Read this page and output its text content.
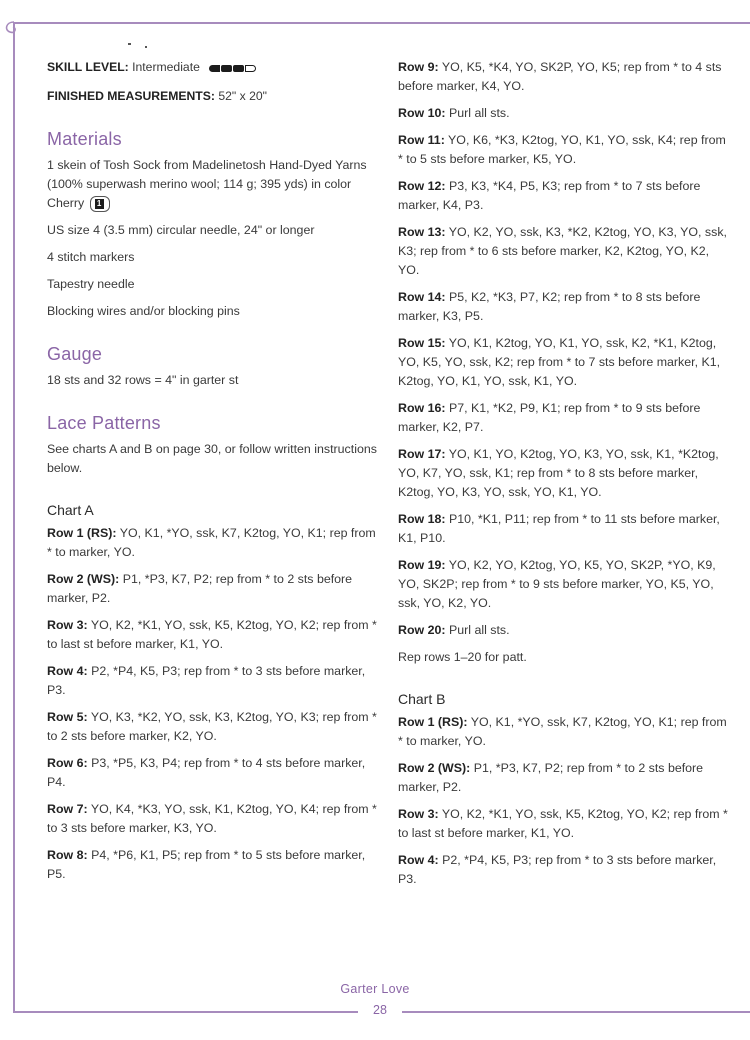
SKILL LEVEL: Intermediate
FINISHED MEASUREMENTS: 52" x 20"
Materials

1 skein of Tosh Sock from Madelinetosh Hand-Dyed Yarns (100% superwash merino wool; 114 g; 395 yds) in color Cherry 1

US size 4 (3.5 mm) circular needle, 24" or longer

4 stitch markers

Tapestry needle

Blocking wires and/or blocking pins

Gauge

18 sts and 32 rows = 4" in garter st

Lace Patterns

See charts A and B on page 30, or follow written instructions below.

Chart A

Row 1 (RS): YO, K1, *YO, ssk, K7, K2tog, YO, K1; rep from * to marker, YO.

Row 2 (WS): P1, *P3, K7, P2; rep from * to 2 sts before marker, P2.

Row 3: YO, K2, *K1, YO, ssk, K5, K2tog, YO, K2; rep from * to last st before marker, K1, YO.

Row 4: P2, *P4, K5, P3; rep from * to 3 sts before marker, P3.

Row 5: YO, K3, *K2, YO, ssk, K3, K2tog, YO, K3; rep from * to 2 sts before marker, K2, YO.

Row 6: P3, *P5, K3, P4; rep from * to 4 sts before marker, P4.

Row 7: YO, K4, *K3, YO, ssk, K1, K2tog, YO, K4; rep from * to 3 sts before marker, K3, YO.

Row 8: P4, *P6, K1, P5; rep from * to 5 sts before marker, P5.

Row 9: YO, K5, *K4, YO, SK2P, YO, K5; rep from * to 4 sts before marker, K4, YO.

Row 10: Purl all sts.

Row 11: YO, K6, *K3, K2tog, YO, K1, YO, ssk, K4; rep from * to 5 sts before marker, K5, YO.

Row 12: P3, K3, *K4, P5, K3; rep from * to 7 sts before marker, K4, P3.

Row 13: YO, K2, YO, ssk, K3, *K2, K2tog, YO, K3, YO, ssk, K3; rep from * to 6 sts before marker, K2, K2tog, YO, K2, YO.

Row 14: P5, K2, *K3, P7, K2; rep from * to 8 sts before marker, K3, P5.

Row 15: YO, K1, K2tog, YO, K1, YO, ssk, K2, *K1, K2tog, YO, K5, YO, ssk, K2; rep from * to 7 sts before marker, K1, K2tog, YO, K1, YO, ssk, K1, YO.

Row 16: P7, K1, *K2, P9, K1; rep from * to 9 sts before marker, K2, P7.

Row 17: YO, K1, YO, K2tog, YO, K3, YO, ssk, K1, *K2tog, YO, K7, YO, ssk, K1; rep from * to 8 sts before marker, K2tog, YO, K3, YO, ssk, YO, K1, YO.

Row 18: P10, *K1, P11; rep from * to 11 sts before marker, K1, P10.

Row 19: YO, K2, YO, K2tog, YO, K5, YO, SK2P, *YO, K9, YO, SK2P; rep from * to 9 sts before marker, YO, K5, YO, ssk, YO, K2, YO.

Row 20: Purl all sts.

Rep rows 1–20 for patt.

Chart B

Row 1 (RS): YO, K1, *YO, ssk, K7, K2tog, YO, K1; rep from * to marker, YO.

Row 2 (WS): P1, *P3, K7, P2; rep from * to 2 sts before marker, P2.

Row 3: YO, K2, *K1, YO, ssk, K5, K2tog, YO, K2; rep from * to last st before marker, K1, YO.

Row 4: P2, *P4, K5, P3; rep from * to 3 sts before marker, P3.

Garter Love
28
